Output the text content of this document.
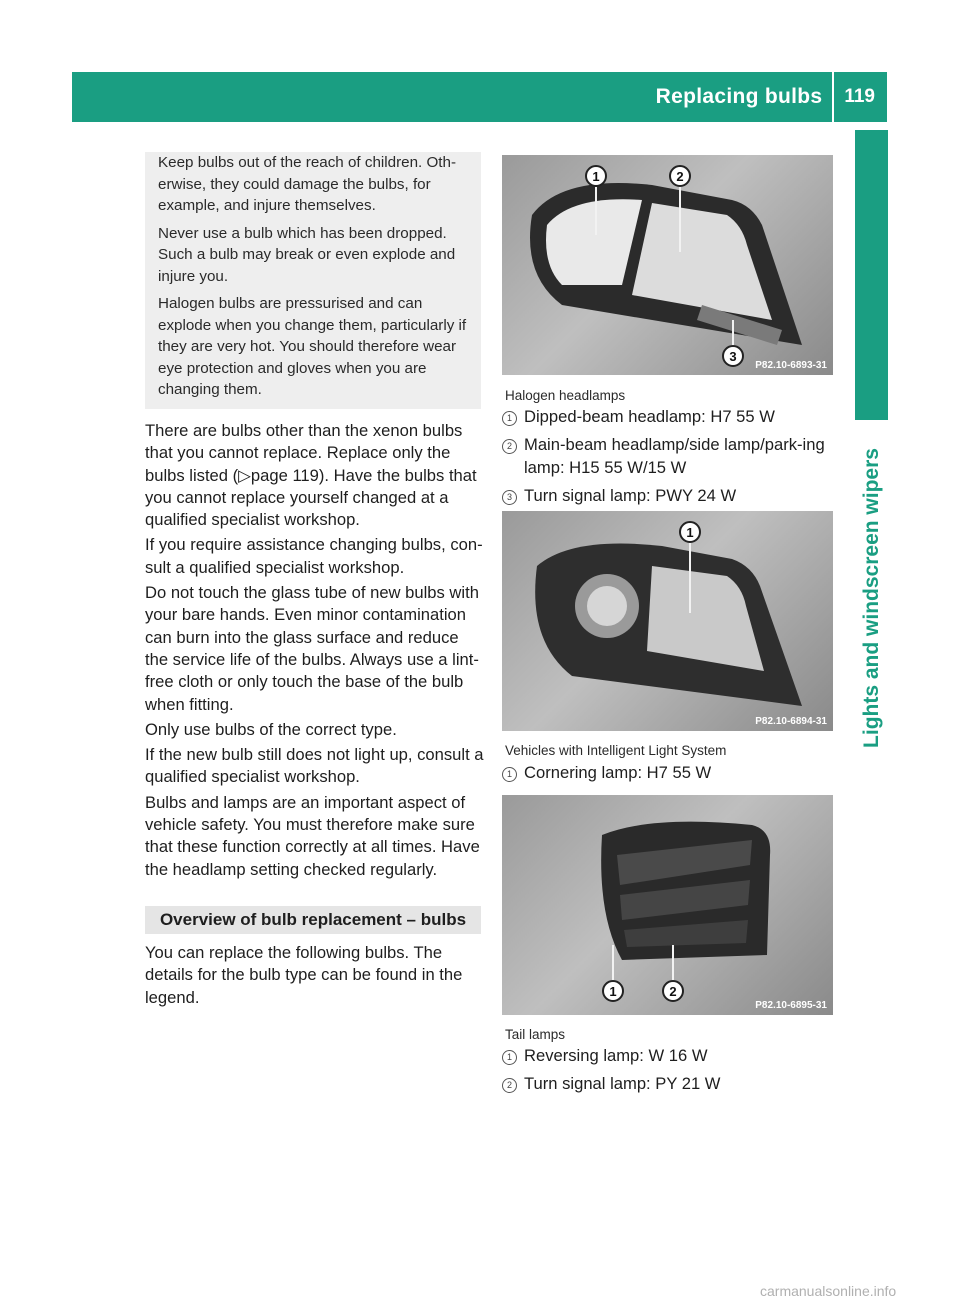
Replacing bulbs	119
Lights and windscreen wipers

Keep bulbs out of the reach of children. Oth-erwise, they could damage the bulbs, for example, and injure themselves.

Never use a bulb which has been dropped. Such a bulb may break or even explode and injure you.

Halogen bulbs are pressurised and can explode when you change them, particularly if they are very hot. You should therefore wear eye protection and gloves when you are changing them.

There are bulbs other than the xenon bulbs that you cannot replace. Replace only the bulbs listed (▷page 119). Have the bulbs that you cannot replace yourself changed at a qualified specialist workshop.

If you require assistance changing bulbs, con-sult a qualified specialist workshop.

Do not touch the glass tube of new bulbs with your bare hands. Even minor contamination can burn into the glass surface and reduce the service life of the bulbs. Always use a lint-free cloth or only touch the base of the bulb when fitting.

Only use bulbs of the correct type.

If the new bulb still does not light up, consult a qualified specialist workshop.

Bulbs and lamps are an important aspect of vehicle safety. You must therefore make sure that these function correctly at all times. Have the headlamp setting checked regularly.

Overview of bulb replacement – bulbs

You can replace the following bulbs. The details for the bulb type can be found in the legend.

1	2
3
P82.10-6893-31
Halogen headlamps
1 Dipped-beam headlamp: H7 55 W
2 Main-beam headlamp/side lamp/park-ing lamp: H15 55 W/15 W
3 Turn signal lamp: PWY 24 W
1
P82.10-6894-31
Vehicles with Intelligent Light System
1 Cornering lamp: H7 55 W
1	2
P82.10-6895-31
Tail lamps
1 Reversing lamp: W 16 W
2 Turn signal lamp: PY 21 W
carmanualsonline.info
